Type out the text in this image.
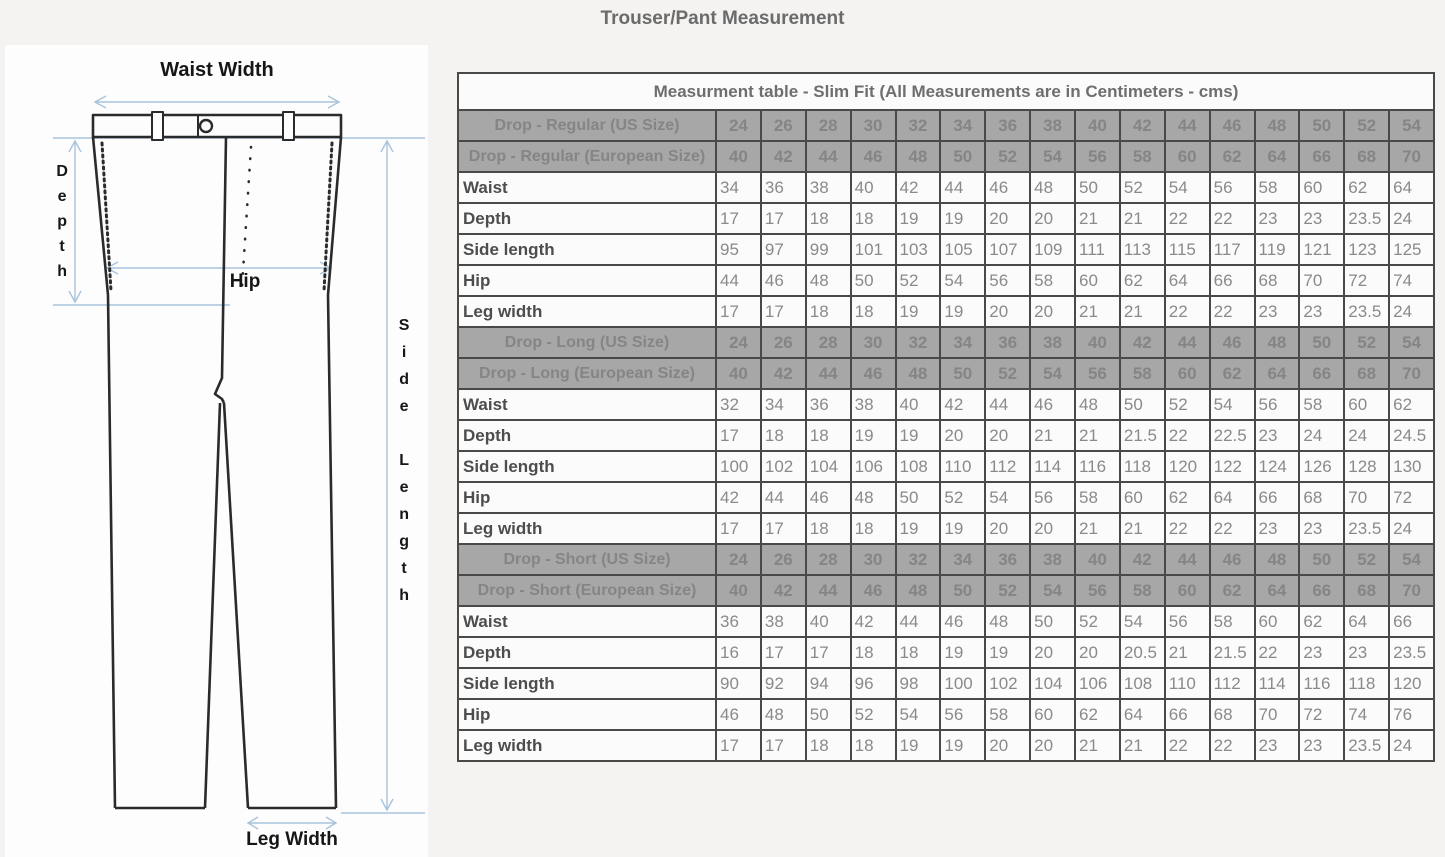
Trouser/Pant Measurement
Waist Width
Depth	Hip
Side Length
Leg Width
Measurment table - Slim Fit (All Measurements are in Centimeters - cms)																
Drop - Regular (US Size)	24	26	28	30	32	34	36	38	40	42	44	46	48	50	52	54
Drop - Regular (European Size)	40	42	44	46	48	50	52	54	56	58	60	62	64	66	68	70
Waist	34	36	38	40	42	44	46	48	50	52	54	56	58	60	62	64
Depth	17	17	18	18	19	19	20	20	21	21	22	22	23	23	23.5	24
Side length	95	97	99	101	103	105	107	109	111	113	115	117	119	121	123	125
Hip	44	46	48	50	52	54	56	58	60	62	64	66	68	70	72	74
Leg width	17	17	18	18	19	19	20	20	21	21	22	22	23	23	23.5	24
Drop - Long (US Size)	24	26	28	30	32	34	36	38	40	42	44	46	48	50	52	54
Drop - Long (European Size)	40	42	44	46	48	50	52	54	56	58	60	62	64	66	68	70
Waist	32	34	36	38	40	42	44	46	48	50	52	54	56	58	60	62
Depth	17	18	18	19	19	20	20	21	21	21.5	22	22.5	23	24	24	24.5
Side length	100	102	104	106	108	110	112	114	116	118	120	122	124	126	128	130
Hip	42	44	46	48	50	52	54	56	58	60	62	64	66	68	70	72
Leg width	17	17	18	18	19	19	20	20	21	21	22	22	23	23	23.5	24
Drop - Short (US Size)	24	26	28	30	32	34	36	38	40	42	44	46	48	50	52	54
Drop - Short (European Size)	40	42	44	46	48	50	52	54	56	58	60	62	64	66	68	70
Waist	36	38	40	42	44	46	48	50	52	54	56	58	60	62	64	66
Depth	16	17	17	18	18	19	19	20	20	20.5	21	21.5	22	23	23	23.5
Side length	90	92	94	96	98	100	102	104	106	108	110	112	114	116	118	120
Hip	46	48	50	52	54	56	58	60	62	64	66	68	70	72	74	76
Leg width	17	17	18	18	19	19	20	20	21	21	22	22	23	23	23.5	24
